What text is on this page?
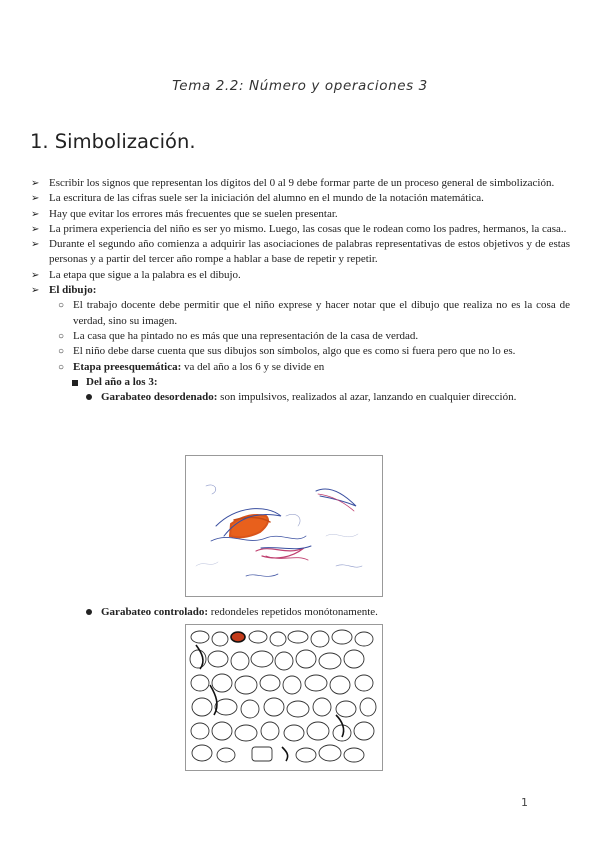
Tema 2.2: Número y operaciones 3
1. Simbolización.
➢ Escribir los signos que representan los dígitos del 0 al 9 debe formar parte de un proceso general de simbolización.
➢ La escritura de las cifras suele ser la iniciación del alumno en el mundo de la notación matemática.
➢ Hay que evitar los errores más frecuentes que se suelen presentar.
➢ La primera experiencia del niño es ser yo mismo. Luego, las cosas que le rodean como los padres, hermanos, la casa..
➢ Durante el segundo año comienza a adquirir las asociaciones de palabras representativas de estos objetivos y de estas personas y a partir del tercer año rompe a hablar a base de repetir y repetir.
➢ La etapa que sigue a la palabra es el dibujo.
➢ El dibujo:
○ El trabajo docente debe permitir que el niño exprese y hacer notar que el dibujo que realiza no es la cosa de verdad, sino su imagen.
○ La casa que ha pintado no es más que una representación de la casa de verdad.
○ El niño debe darse cuenta que sus dibujos son símbolos, algo que es como si fuera pero que no lo es.
○ Etapa preesquemática: va del año a los 6 y se divide en
Del año a los 3:
Garabateo desordenado: son impulsivos, realizados al azar, lanzando en cualquier dirección.
Garabateo controlado: redondeles repetidos monótonamente.
1
